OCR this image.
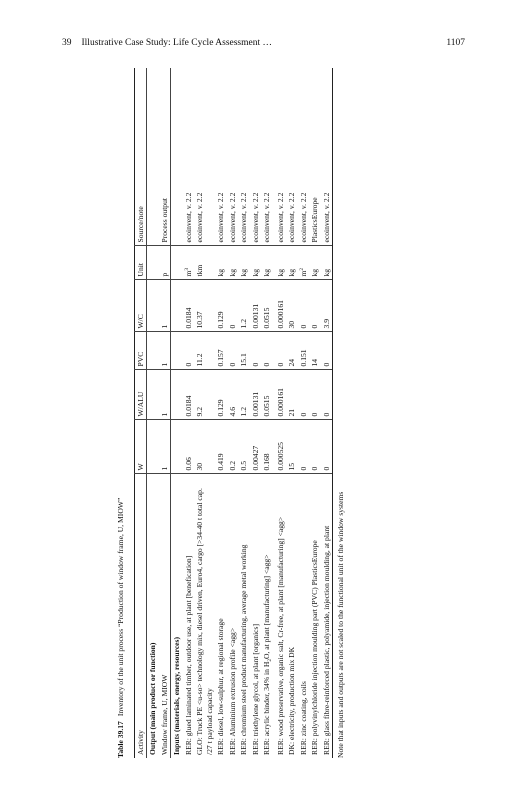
39 Illustrative Case Study: Life Cycle Assessment …	1107
Table 39.17Inventory of the unit process “Production of window frame, U, MIOW”
Activity	W	W/ALU	PVC	W/C	Unit	Source/note
Output (main product or function)						
Window frame, U, MIOW	1	1	1	1	p	Process output
Inputs (materials, energy, resources)						
RER: glued laminated timber, outdoor use, at plant [benefication]	0.06	0.0184	0	0.0184	$m^3$	ecoinvent, v. 2.2
GLO: Truck PE <u-so> technology mix, diesel driven, Euro4, cargo [>34-40 t total cap. /27 t payload capacity	30	9.2	11.2	10.37	tkm	ecoinvent, v. 2.2
RER: diesel, low-sulphur, at regional storage	0.419	0.129	0.157	0.129	kg	ecoinvent, v. 2.2
RER: Aluminium extrusion profile <agg>	0.2	4.6	0	0	kg	ecoinvent, v. 2.2
RER: chromium steel product manufacturing, average metal working	0.5	1.2	15.1	1.2	kg	ecoinvent, v. 2.2
RER: triethylene glycol, at plant [organics]	0.00427	0.00131	0	0.00131	kg	ecoinvent, v. 2.2
RER: acrylic binder, 34% in $H_2O$, at plant [manufacturing] <agg>	0.168	0.0515	0	0.0515	kg	ecoinvent, v. 2.2
RER: wood preservative, organic salt, Cr-free, at plant [manufacturing] <agg>	0.000525	0.000161	0	0.000161	kg	ecoinvent, v. 2.2
DK: electricity, production mix DK	15	21	24	30	kg	ecoinvent, v. 2.2
RER: zinc coating, coils	0	0	0.151	0	$m^2$	ecoinvent, v. 2.2
RER: polyvinylchloride injection moulding part (PVC) PlasticsEurope	0	0	14	0	kg	PlasticsEurope
RER: glass fibre-reinforced plastic, polyamide, injection moulding, at plant	0	0	0	3.9	kg	ecoinvent, v. 2.2
Note that inputs and outputs are not scaled to the functional unit of the window systems
